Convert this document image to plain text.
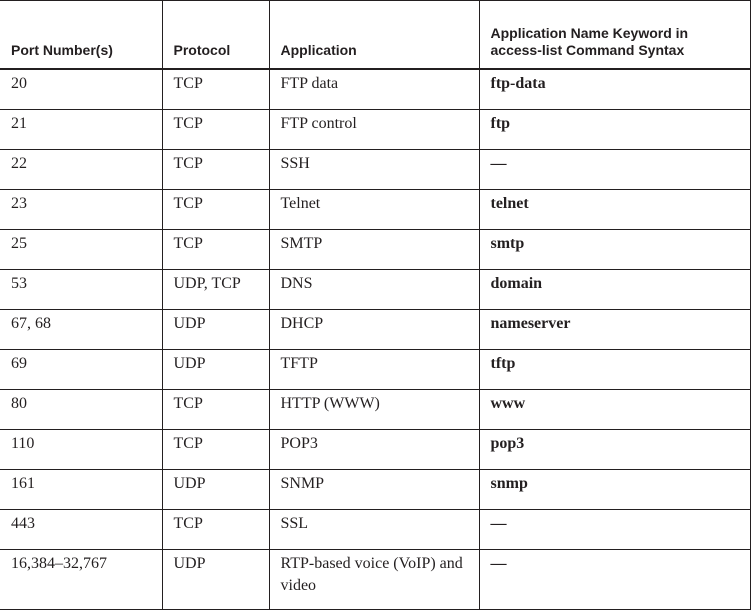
Port Number(s)	Protocol	Application	Application Name Keyword in access-list Command Syntax
20	TCP	FTP data	ftp-data
21	TCP	FTP control	ftp
22	TCP	SSH	—
23	TCP	Telnet	telnet
25	TCP	SMTP	smtp
53	UDP, TCP	DNS	domain
67, 68	UDP	DHCP	nameserver
69	UDP	TFTP	tftp
80	TCP	HTTP (WWW)	www
110	TCP	POP3	pop3
161	UDP	SNMP	snmp
443	TCP	SSL	—
16,384–32,767	UDP	RTP-based voice (VoIP) and video	—
